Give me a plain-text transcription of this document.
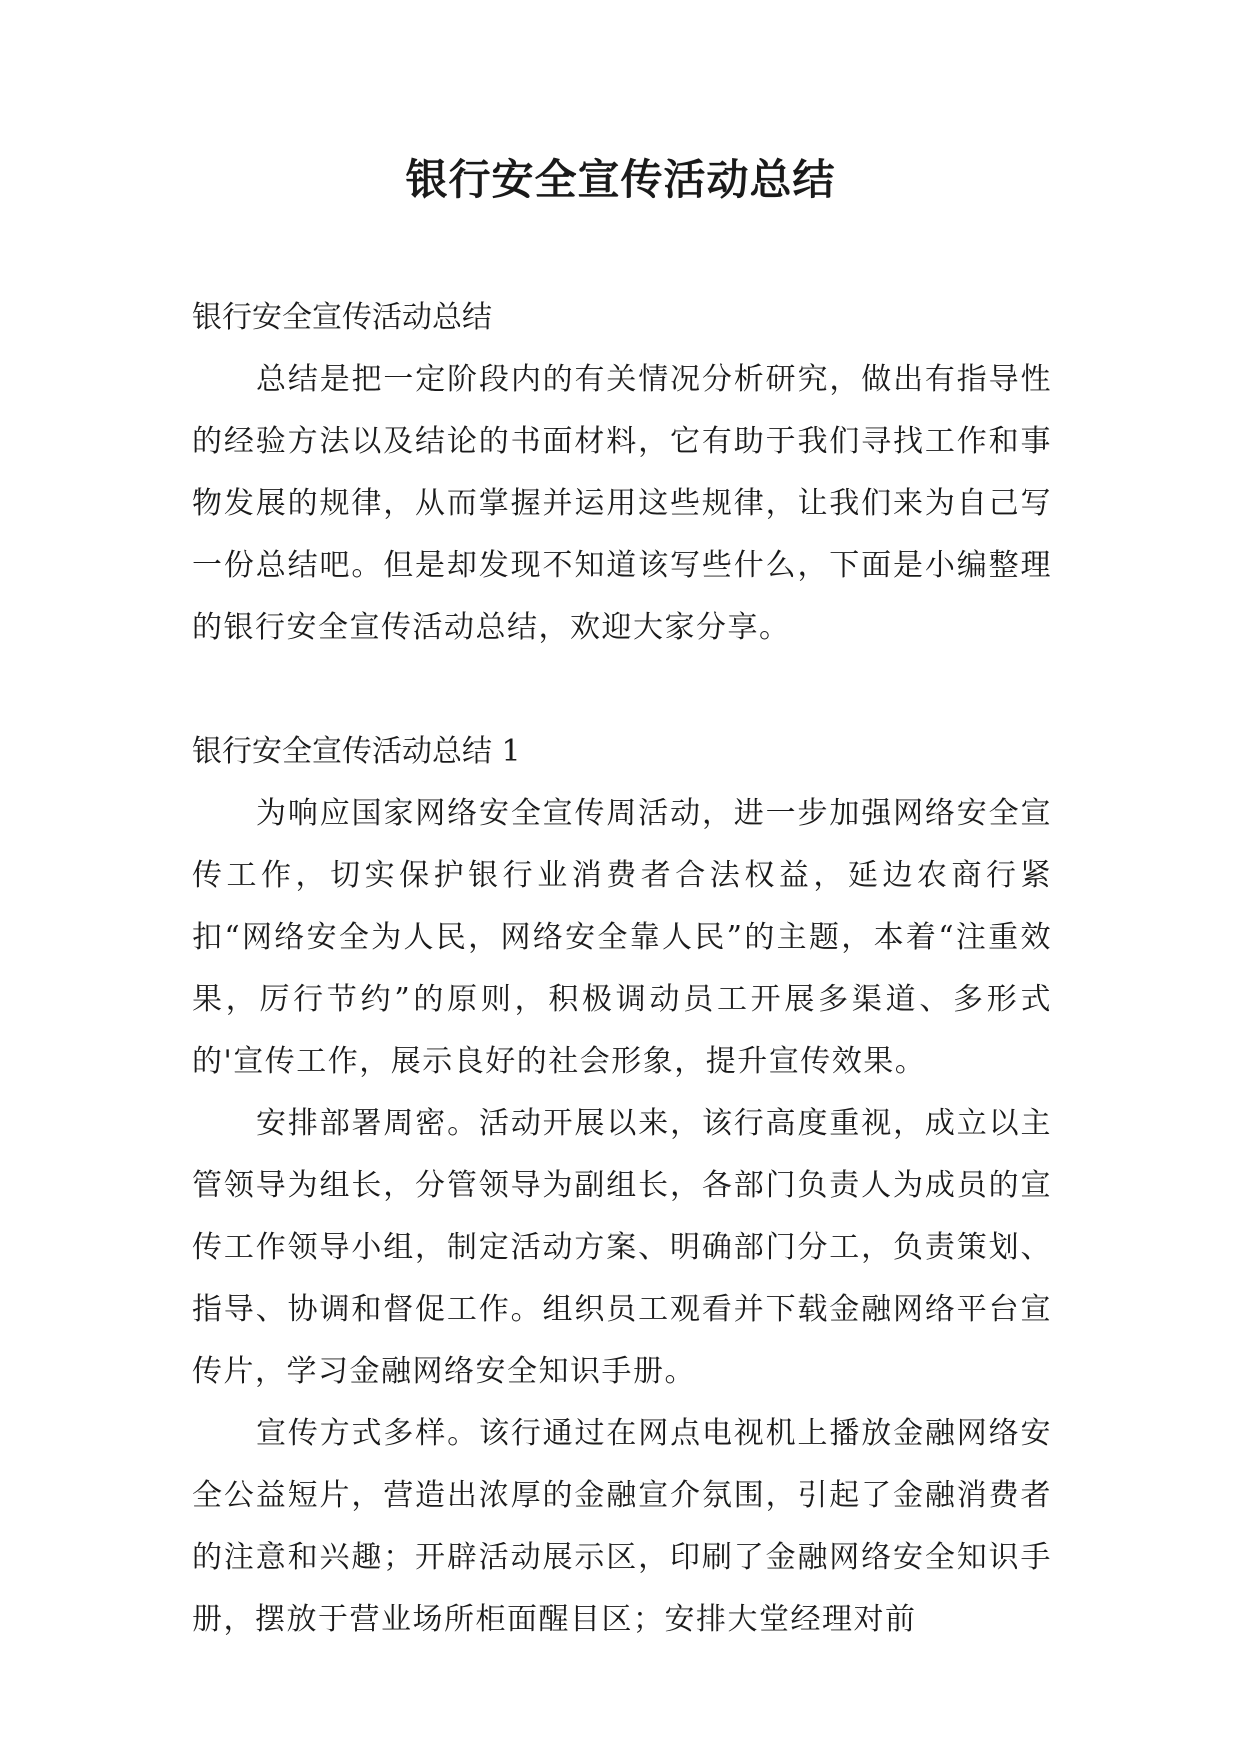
银行安全宣传活动总结

银行安全宣传活动总结

总结是把一定阶段内的有关情况分析研究，做出有指导性的经验方法以及结论的书面材料，它有助于我们寻找工作和事物发展的规律，从而掌握并运用这些规律，让我们来为自己写一份总结吧。但是却发现不知道该写些什么，下面是小编整理的银行安全宣传活动总结，欢迎大家分享。

银行安全宣传活动总结 1

为响应国家网络安全宣传周活动，进一步加强网络安全宣传工作，切实保护银行业消费者合法权益，延边农商行紧扣“网络安全为人民，网络安全靠人民”的主题，本着“注重效果，厉行节约”的原则，积极调动员工开展多渠道、多形式的'宣传工作，展示良好的社会形象，提升宣传效果。

安排部署周密。活动开展以来，该行高度重视，成立以主管领导为组长，分管领导为副组长，各部门负责人为成员的宣传工作领导小组，制定活动方案、明确部门分工，负责策划、指导、协调和督促工作。组织员工观看并下载金融网络平台宣传片，学习金融网络安全知识手册。

宣传方式多样。该行通过在网点电视机上播放金融网络安全公益短片，营造出浓厚的金融宣介氛围，引起了金融消费者的注意和兴趣；开辟活动展示区，印刷了金融网络安全知识手册，摆放于营业场所柜面醒目区；安排大堂经理对前
